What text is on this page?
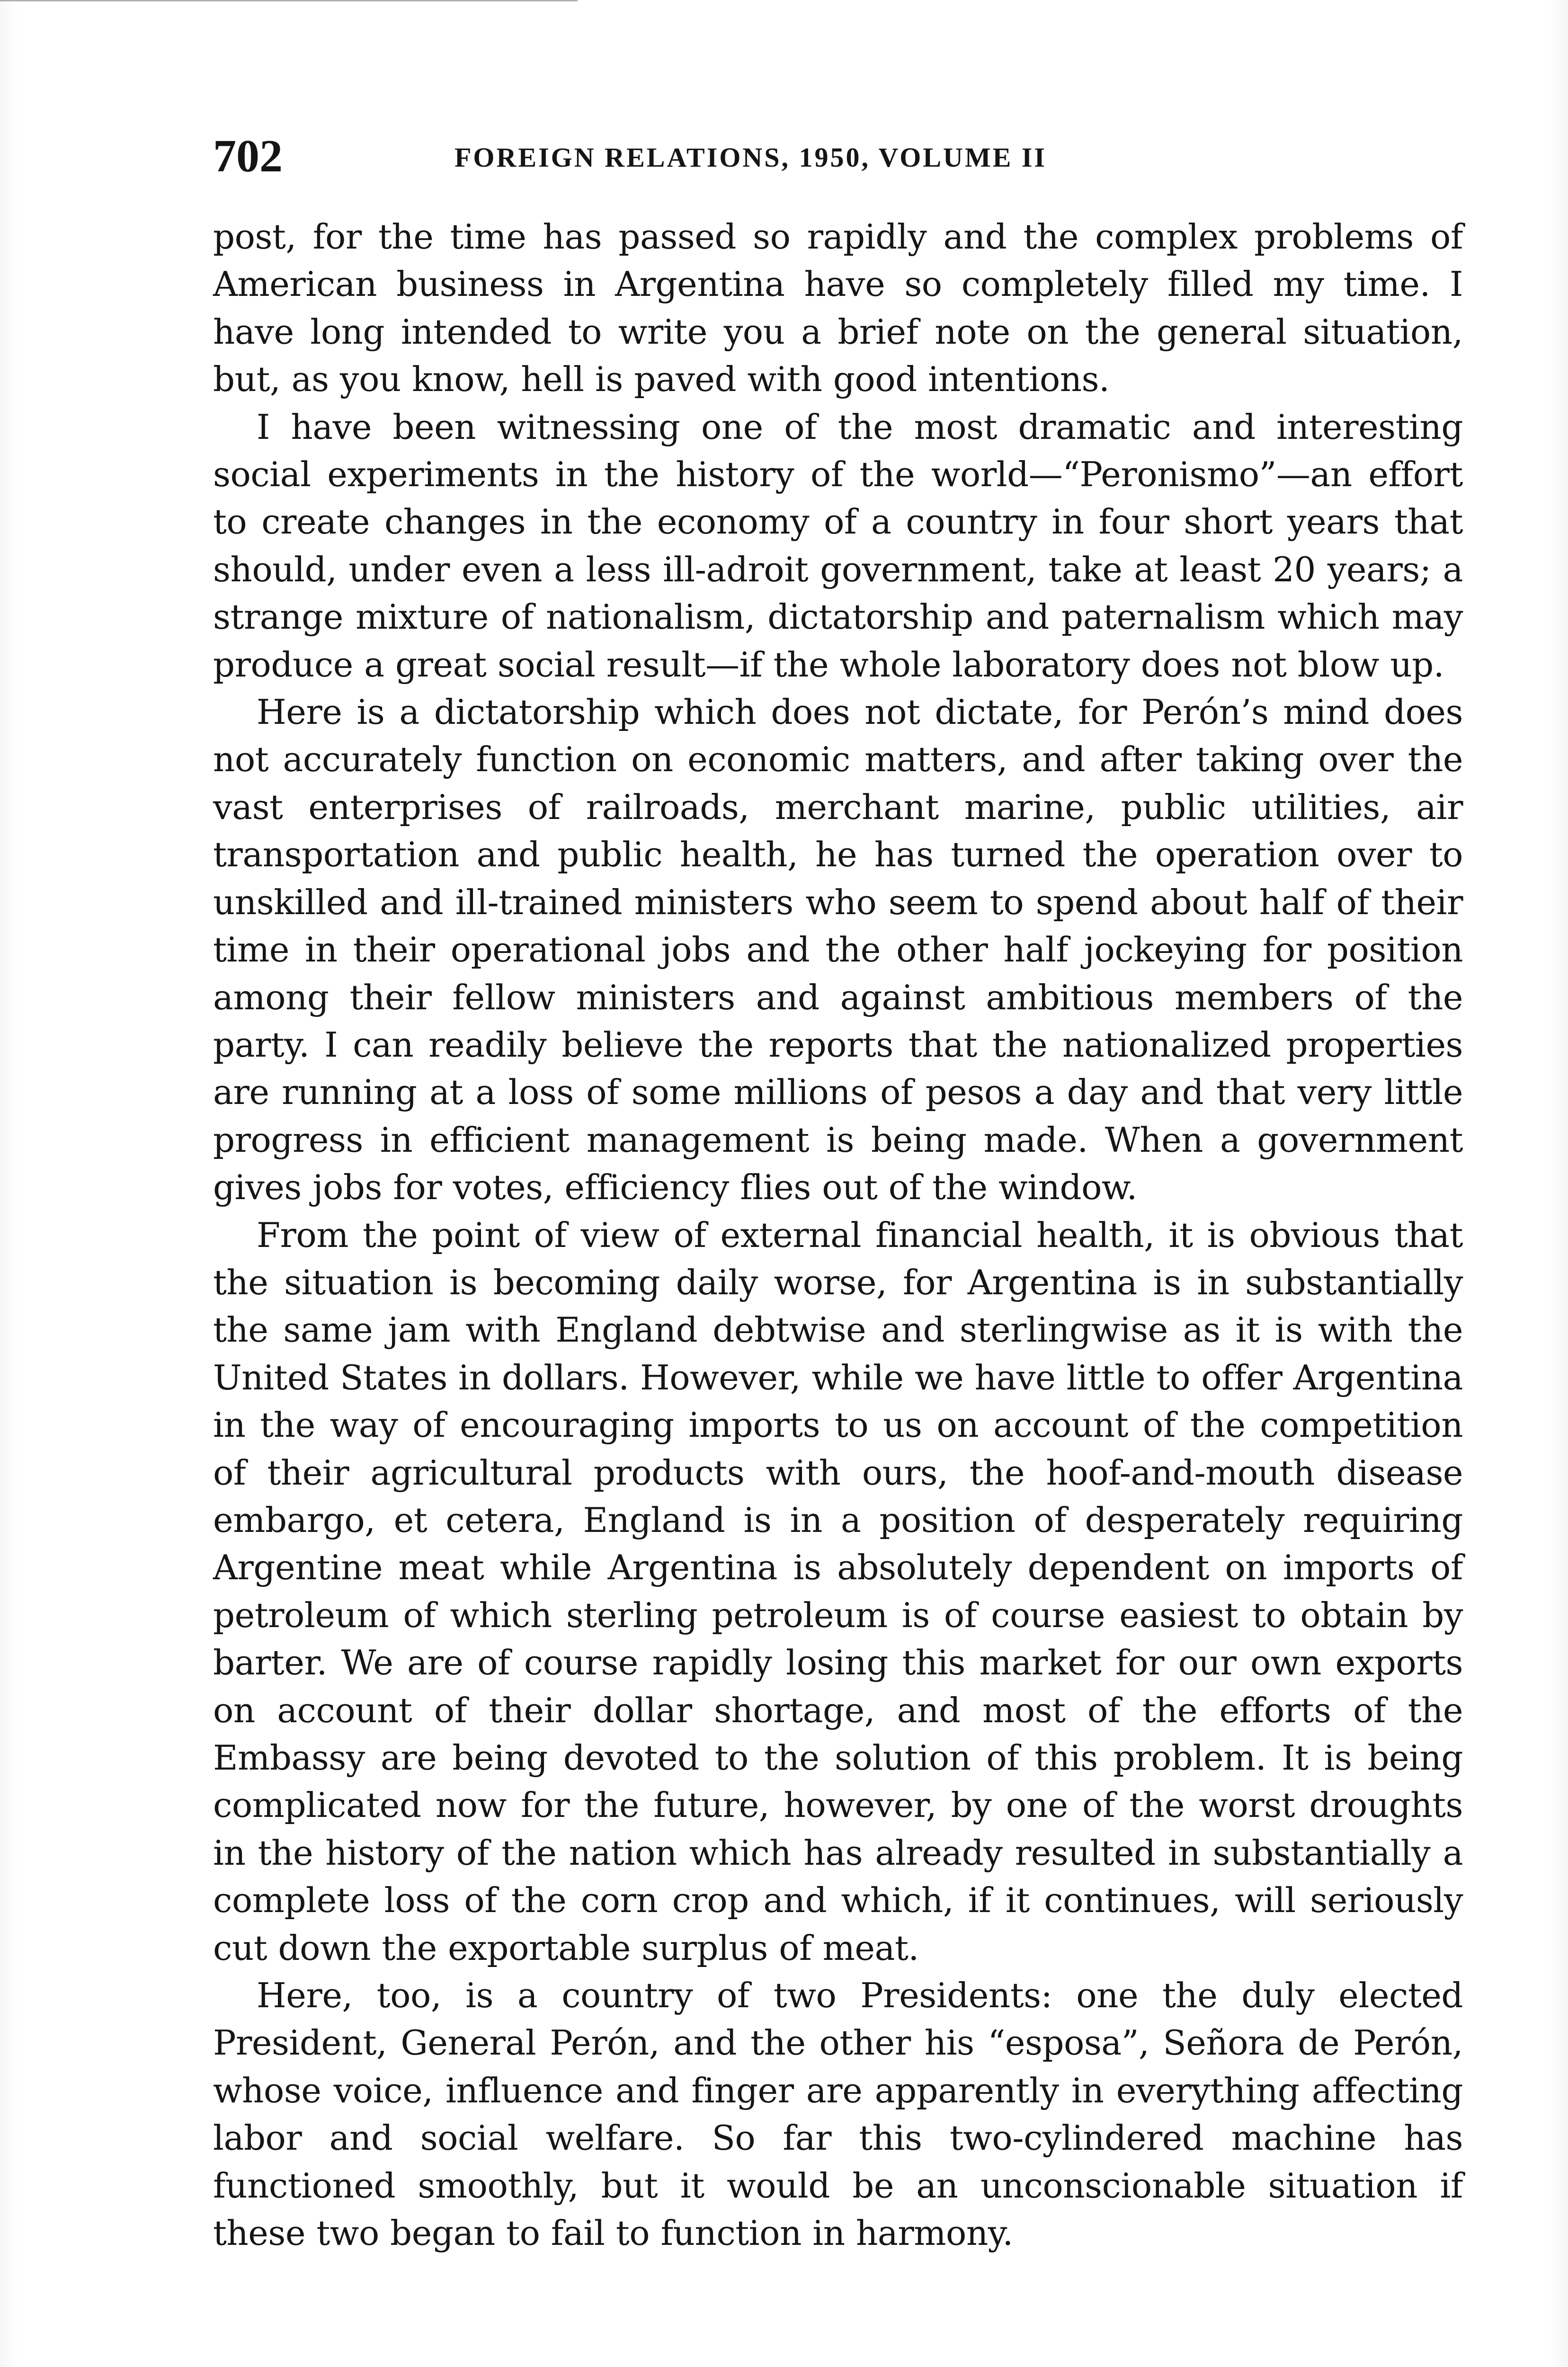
702	FOREIGN RELATIONS, 1950, VOLUME II

post, for the time has passed so rapidly and the complex problems of American business in Argentina have so completely filled my time. I have long intended to write you a brief note on the general situation, but, as you know, hell is paved with good intentions.

I have been witnessing one of the most dramatic and interesting social experiments in the history of the world—“Peronismo”—an effort to create changes in the economy of a country in four short years that should, under even a less ill-adroit government, take at least 20 years; a strange mixture of nationalism, dictatorship and paternalism which may produce a great social result—if the whole laboratory does not blow up.

Here is a dictatorship which does not dictate, for Perón’s mind does not accurately function on economic matters, and after taking over the vast enterprises of railroads, merchant marine, public utilities, air transportation and public health, he has turned the operation over to unskilled and ill-trained ministers who seem to spend about half of their time in their operational jobs and the other half jockeying for position among their fellow ministers and against ambitious members of the party. I can readily believe the reports that the nationalized properties are running at a loss of some millions of pesos a day and that very little progress in efficient management is being made. When a government gives jobs for votes, efficiency flies out of the window.

From the point of view of external financial health, it is obvious that the situation is becoming daily worse, for Argentina is in substantially the same jam with England debtwise and sterlingwise as it is with the United States in dollars. However, while we have little to offer Argentina in the way of encouraging imports to us on account of the competition of their agricultural products with ours, the hoof-and-mouth disease embargo, et cetera, England is in a position of desperately requiring Argentine meat while Argentina is absolutely dependent on imports of petroleum of which sterling petroleum is of course easiest to obtain by barter. We are of course rapidly losing this market for our own exports on account of their dollar shortage, and most of the efforts of the Embassy are being devoted to the solution of this problem. It is being complicated now for the future, however, by one of the worst droughts in the history of the nation which has already resulted in substantially a complete loss of the corn crop and which, if it continues, will seriously cut down the exportable surplus of meat.

Here, too, is a country of two Presidents: one the duly elected President, General Perón, and the other his “esposa”, Señora de Perón, whose voice, influence and finger are apparently in everything affecting labor and social welfare. So far this two-cylindered machine has functioned smoothly, but it would be an unconscionable situation if these two began to fail to function in harmony.
